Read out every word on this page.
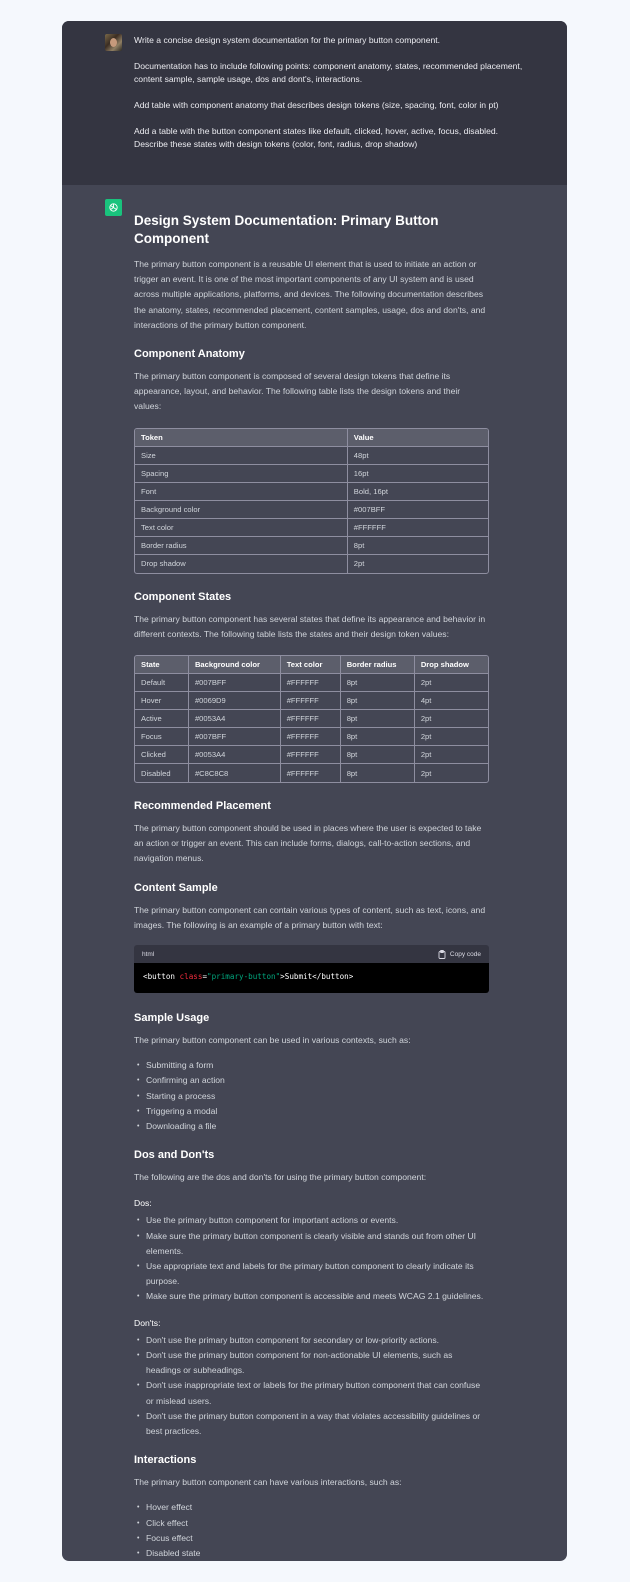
Write a concise design system documentation for the primary button component.

Documentation has to include following points: component anatomy, states, recommended placement, content sample, sample usage, dos and dont's, interactions.

Add table with component anatomy that describes design tokens (size, spacing, font, color in pt)

Add a table with the button component states like default, clicked, hover, active, focus, disabled. Describe these states with design tokens (color, font, radius, drop shadow)

Design System Documentation: Primary Button Component

The primary button component is a reusable UI element that is used to initiate an action or trigger an event. It is one of the most important components of any UI system and is used across multiple applications, platforms, and devices. The following documentation describes the anatomy, states, recommended placement, content samples, usage, dos and don'ts, and interactions of the primary button component.

Component Anatomy

The primary button component is composed of several design tokens that define its appearance, layout, and behavior. The following table lists the design tokens and their values:

Token	Value
Size	48pt
Spacing	16pt
Font	Bold, 16pt
Background color	#007BFF
Text color	#FFFFFF
Border radius	8pt
Drop shadow	2pt
Component States

The primary button component has several states that define its appearance and behavior in different contexts. The following table lists the states and their design token values:

State	Background color	Text color	Border radius	Drop shadow
Default	#007BFF	#FFFFFF	8pt	2pt
Hover	#0069D9	#FFFFFF	8pt	4pt
Active	#0053A4	#FFFFFF	8pt	2pt
Focus	#007BFF	#FFFFFF	8pt	2pt
Clicked	#0053A4	#FFFFFF	8pt	2pt
Disabled	#C8C8C8	#FFFFFF	8pt	2pt
Recommended Placement

The primary button component should be used in places where the user is expected to take an action or trigger an event. This can include forms, dialogs, call-to-action sections, and navigation menus.

Content Sample

The primary button component can contain various types of content, such as text, icons, and images. The following is an example of a primary button with text:

html	Copy code
<button class="primary-button">Submit</button>
Sample Usage

The primary button component can be used in various contexts, such as:

• Submitting a form
• Confirming an action
• Starting a process
• Triggering a modal
• Downloading a file
Dos and Don'ts

The following are the dos and don'ts for using the primary button component:

Dos:
• Use the primary button component for important actions or events.
• Make sure the primary button component is clearly visible and stands out from other UI elements.
• Use appropriate text and labels for the primary button component to clearly indicate its purpose.
• Make sure the primary button component is accessible and meets WCAG 2.1 guidelines.
Don'ts:
• Don't use the primary button component for secondary or low-priority actions.
• Don't use the primary button component for non-actionable UI elements, such as headings or subheadings.
• Don't use inappropriate text or labels for the primary button component that can confuse or mislead users.
• Don't use the primary button component in a way that violates accessibility guidelines or best practices.
Interactions

The primary button component can have various interactions, such as:

• Hover effect
• Click effect
• Focus effect
• Disabled state
